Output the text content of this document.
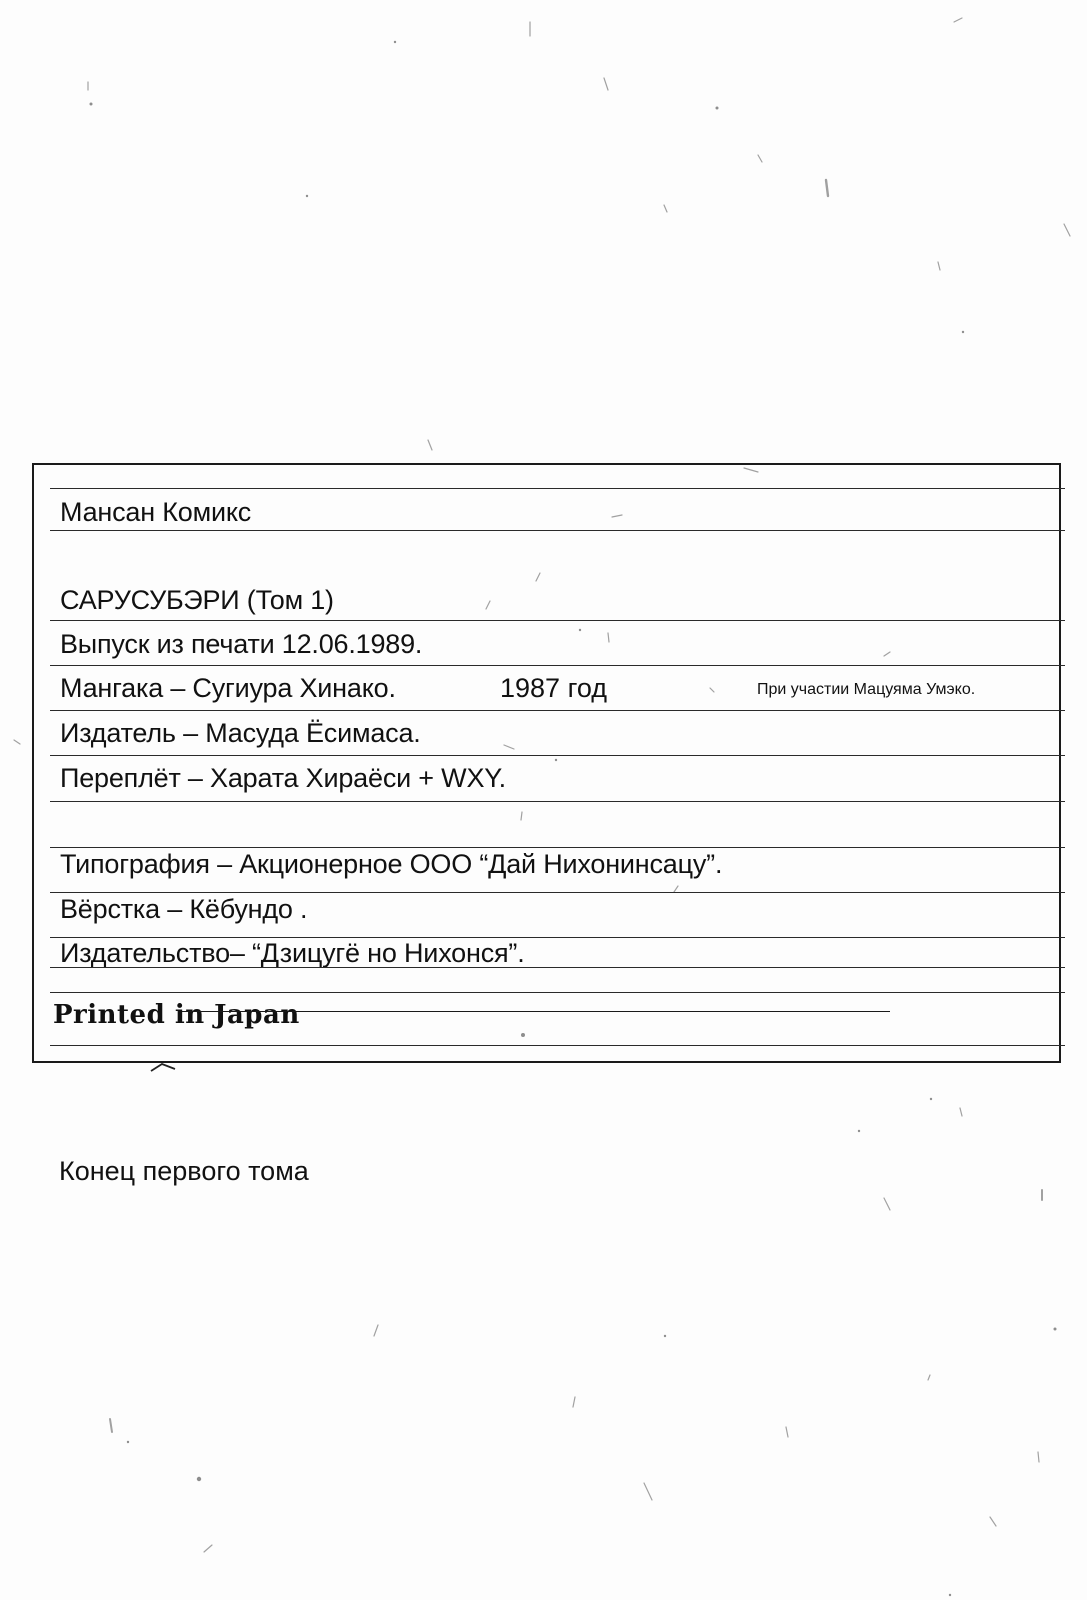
Мансан Комикс
САРУСУБЭРИ (Том 1)
Выпуск из печати 12.06.1989.
Мангака – Сугиура Хинако.	1987 год	При участии Мацуяма Умэко.
Издатель – Масуда Ёсимаса.
Переплёт – Харата Хираёси + WXY.
Типография – Акционерное ООО “Дай Нихонинсацу”.
Вёрстка – Кёбундо .
Издательство– “Дзицугё но Нихонся”.
Printed in Japan
Конец первого тома
